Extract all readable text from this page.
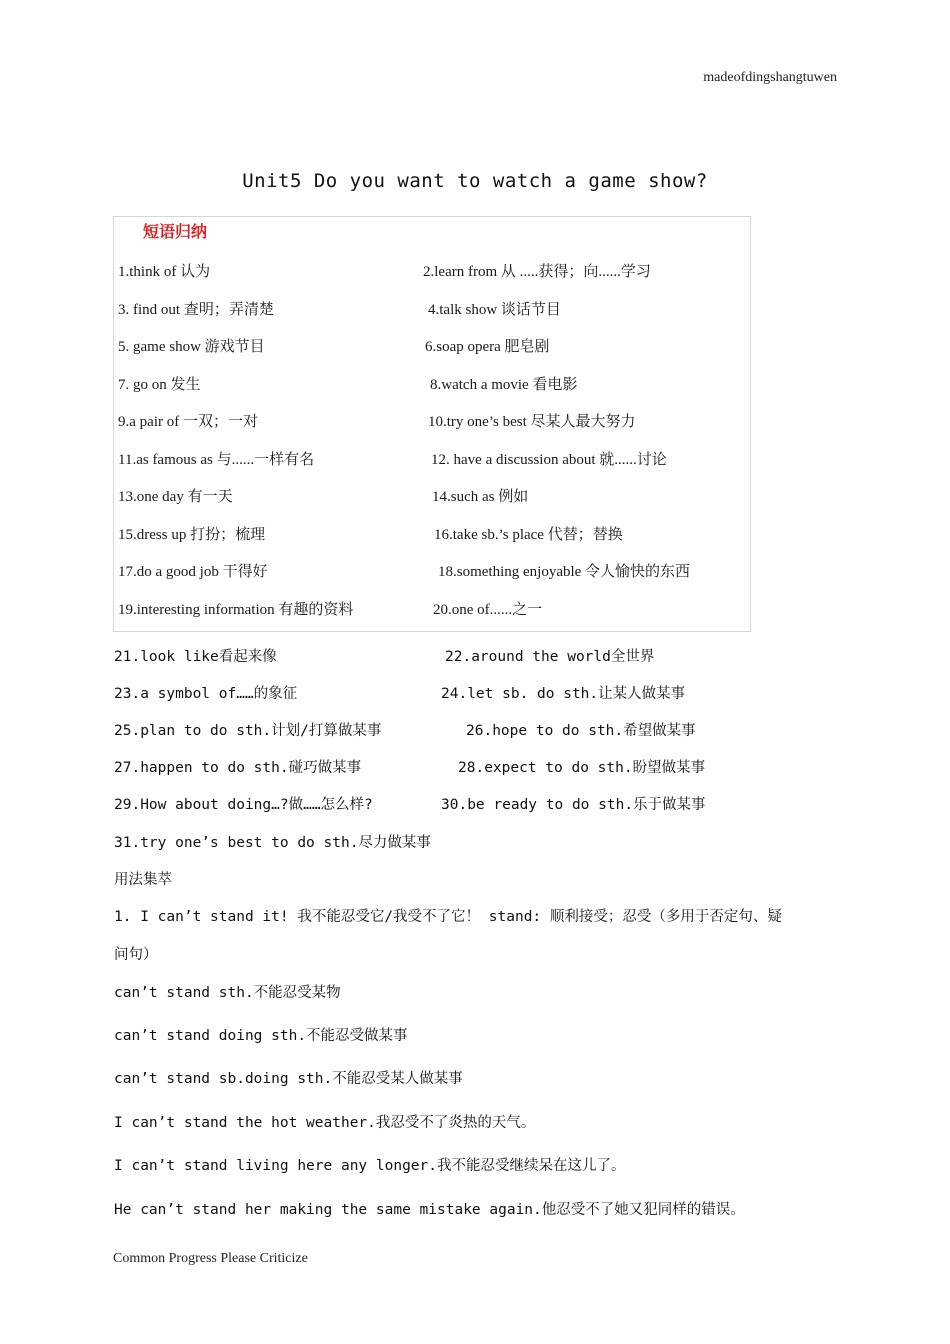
madeofdingshangtuwen
Unit5 Do you want to watch a game show?
短语归纳
1.think of 认为	2.learn from 从 .....获得；向......学习
3. find out 查明；弄清楚	4.talk show 谈话节目
5. game show 游戏节目	6.soap opera 肥皂剧
7. go on 发生	8.watch a movie 看电影
9.a pair of 一双；一对	10.try one’s best 尽某人最大努力
11.as famous as 与......一样有名	12. have a discussion about 就......讨论
13.one day 有一天	14.such as 例如
15.dress up 打扮；梳理	16.take sb.’s place 代替；替换
17.do a good job 干得好	18.something enjoyable 令人愉快的东西
19.interesting information 有趣的资料	20.one of......之一
21.look like看起来像	22.around the world全世界
23.a symbol of……的象征	24.let sb. do sth.让某人做某事
25.plan to do sth.计划/打算做某事	26.hope to do sth.希望做某事
27.happen to do sth.碰巧做某事	28.expect to do sth.盼望做某事
29.How about doing…?做……怎么样?	30.be ready to do sth.乐于做某事
31.try one’s best to do sth.尽力做某事
用法集萃
1. I can’t stand it! 我不能忍受它/我受不了它！ stand: 顺利接受；忍受（多用于否定句、疑
问句）
can’t stand sth.不能忍受某物
can’t stand doing sth.不能忍受做某事
can’t stand sb.doing sth.不能忍受某人做某事
I can’t stand the hot weather.我忍受不了炎热的天气。
I can’t stand living here any longer.我不能忍受继续呆在这儿了。
He can’t stand her making the same mistake again.他忍受不了她又犯同样的错误。
Common Progress Please Criticize
